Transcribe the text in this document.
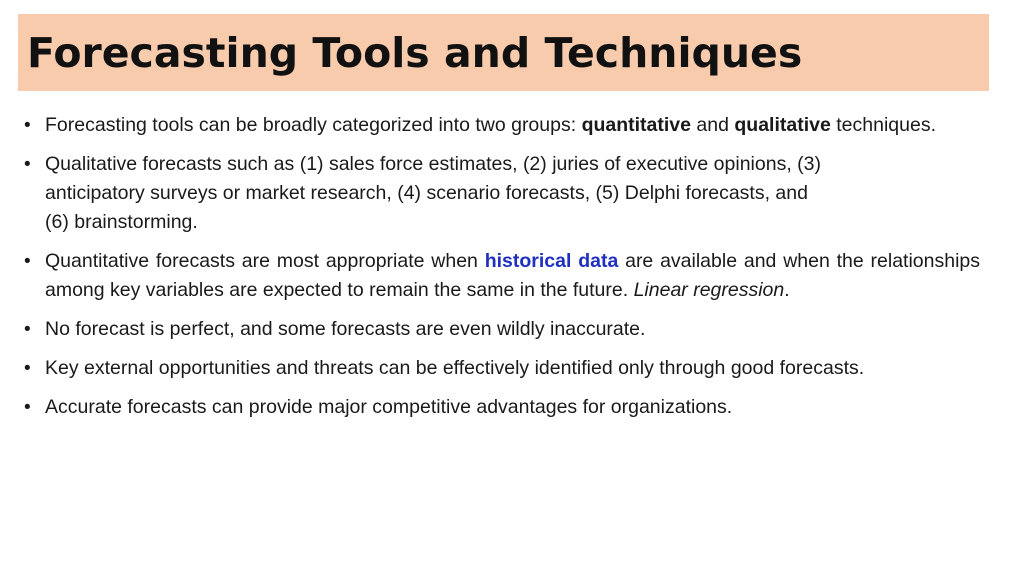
Forecasting Tools and Techniques
• Forecasting tools can be broadly categorized into two groups: quantitative and qualitative techniques.
• Qualitative forecasts such as (1) sales force estimates, (2) juries of executive opinions, (3)
anticipatory surveys or market research, (4) scenario forecasts, (5) Delphi forecasts, and
(6) brainstorming.
• Quantitative forecasts are most appropriate when historical data are available and when the relationships among key variables are expected to remain the same in the future. Linear regression.
• No forecast is perfect, and some forecasts are even wildly inaccurate.
• Key external opportunities and threats can be effectively identified only through good forecasts.
• Accurate forecasts can provide major competitive advantages for organizations.
